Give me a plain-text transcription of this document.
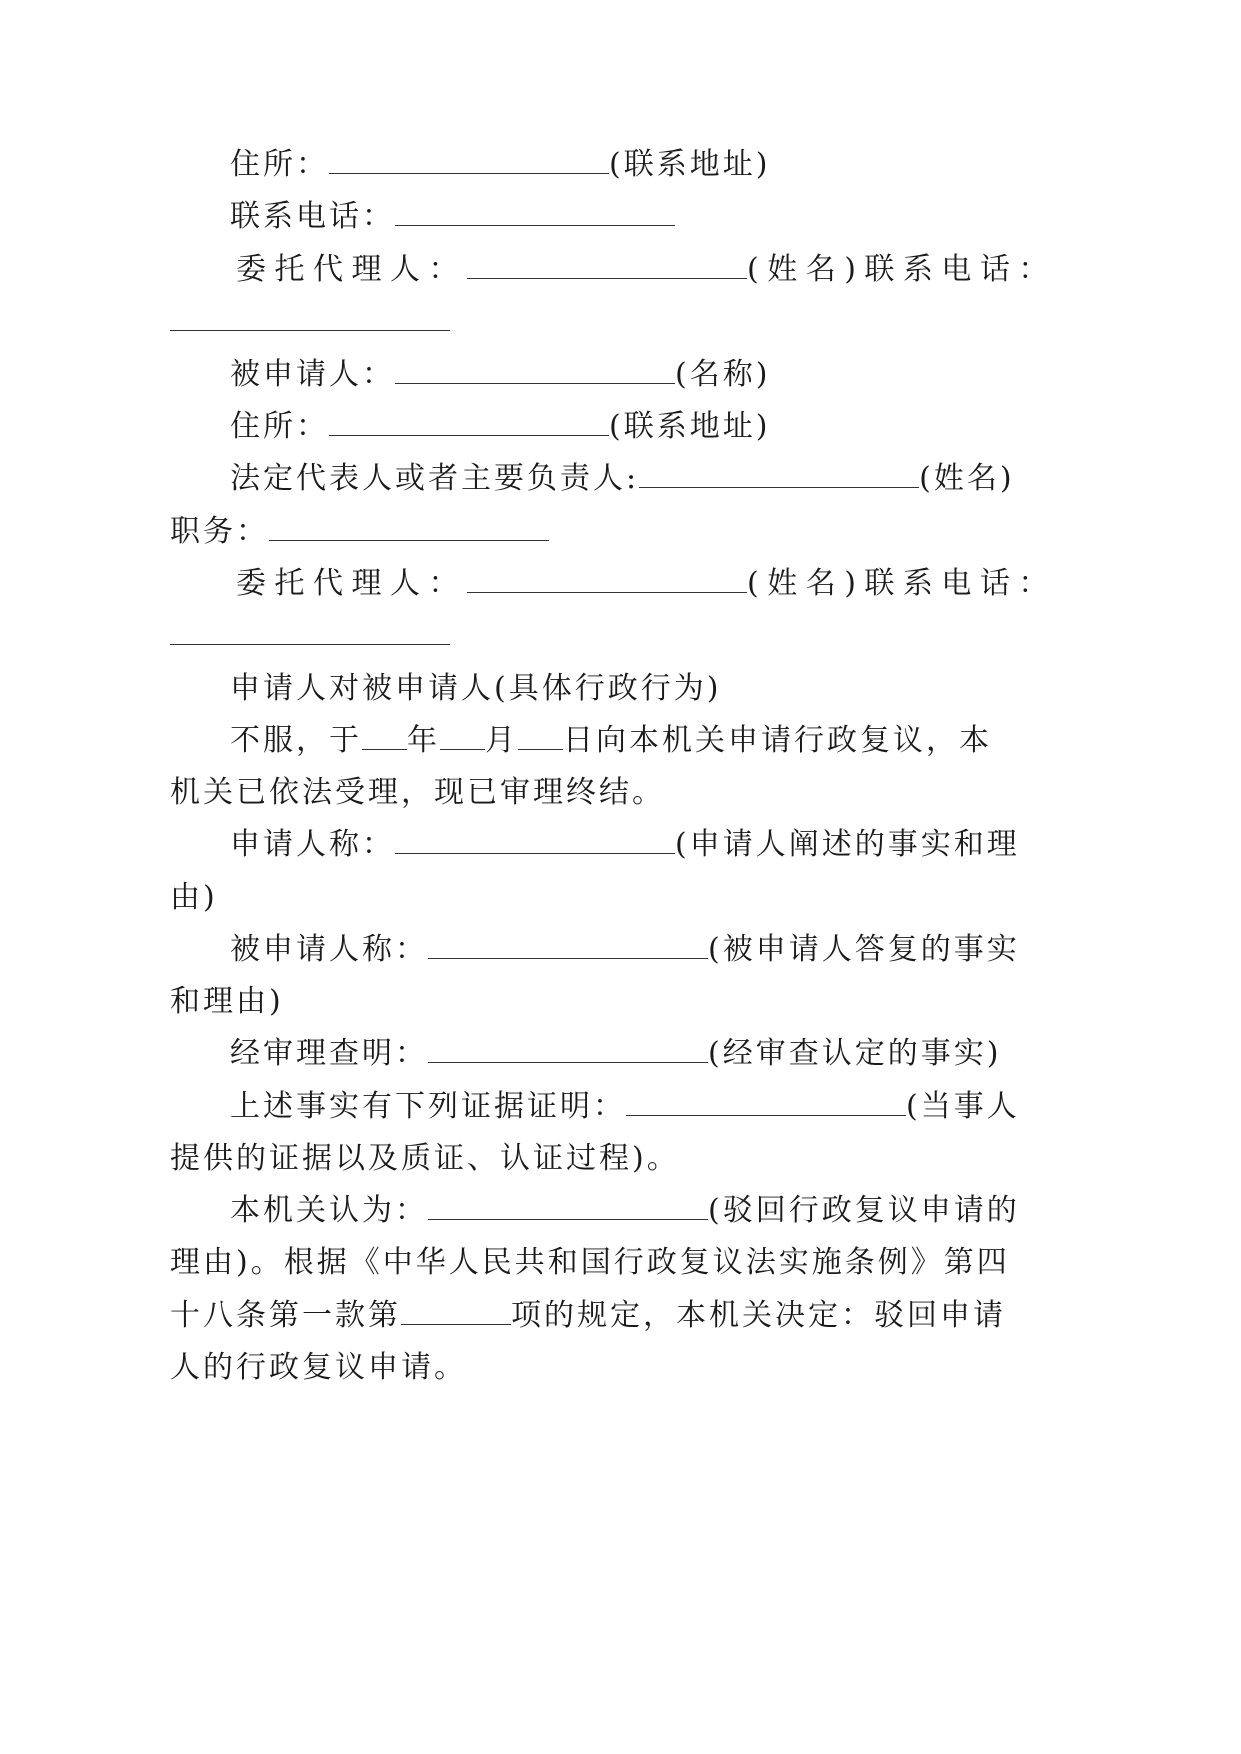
住所：	(联系地址)
联系电话：
委托代理人：	(姓名)联系电话：
被申请人：	(名称)
住所：	(联系地址)
法定代表人或者主要负责人:	(姓名)
职务：
委托代理人：	(姓名)联系电话：
申请人对被申请人(具体行政行为)
不服，于 年 月 日向本机关申请行政复议，本
机关已依法受理，现已审理终结。
申请人称：	(申请人阐述的事实和理
由)
被申请人称：	(被申请人答复的事实
和理由)
经审理查明：	(经审查认定的事实)
上述事实有下列证据证明：	(当事人
提供的证据以及质证、认证过程)。
本机关认为：	(驳回行政复议申请的
理由)。根据《中华人民共和国行政复议法实施条例》第四
十八条第一款第	项的规定，本机关决定：驳回申请
人的行政复议申请。
